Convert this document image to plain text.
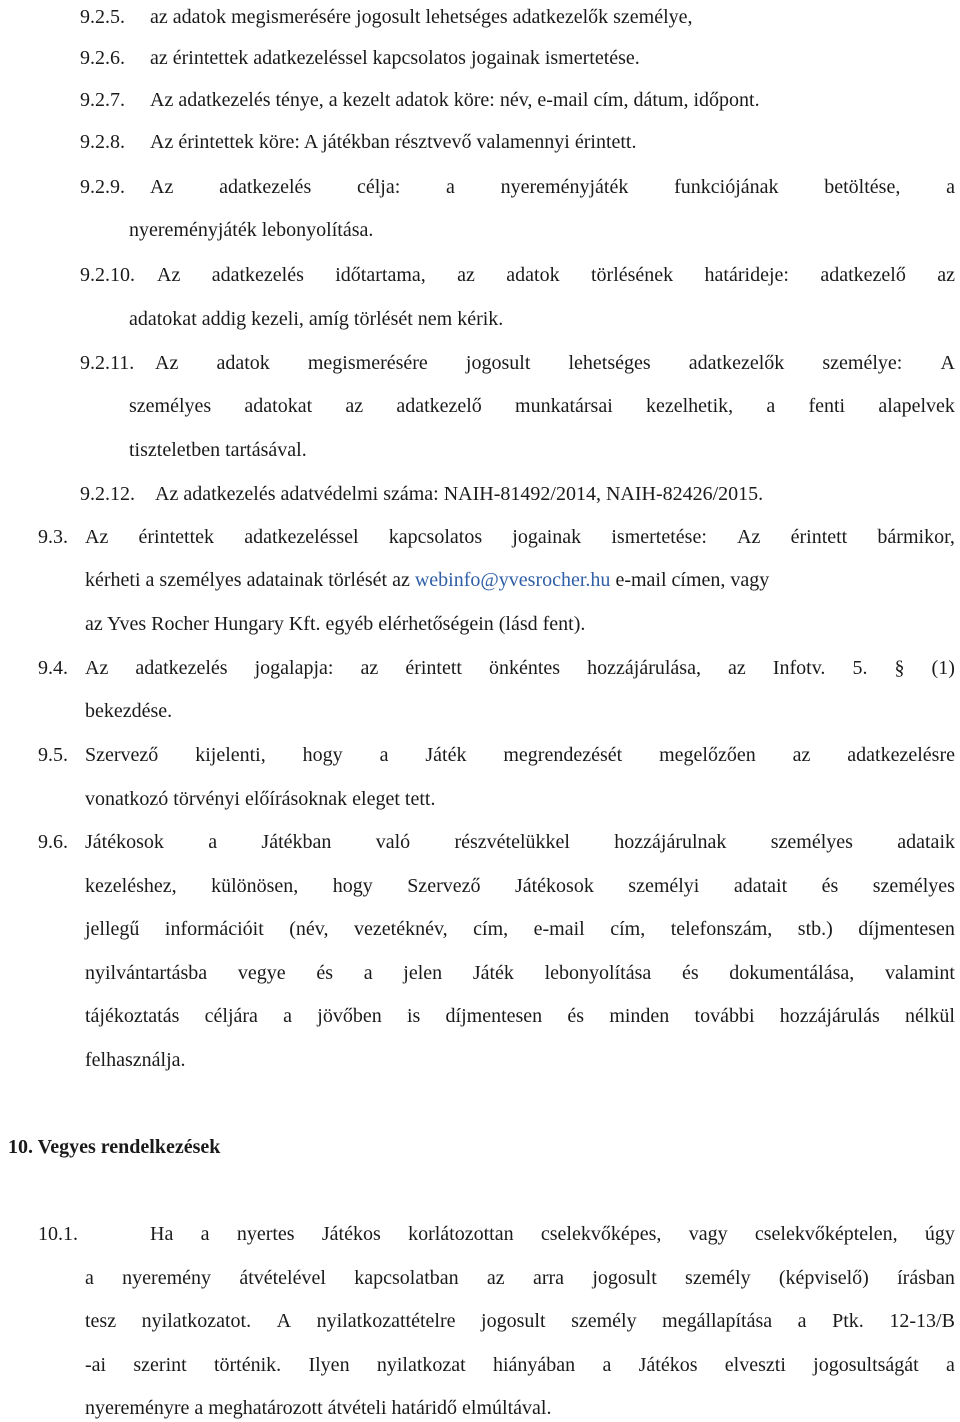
9.2.5. az adatok megismerésére jogosult lehetséges adatkezelők személye,
9.2.6. az érintettek adatkezeléssel kapcsolatos jogainak ismertetése.
9.2.7. Az adatkezelés ténye, a kezelt adatok köre: név, e-mail cím, dátum, időpont.
9.2.8. Az érintettek köre: A játékban résztvevő valamennyi érintett.
9.2.9. Az adatkezelés célja: a nyereményjáték funkciójának betöltése, a
nyereményjáték lebonyolítása.
9.2.10. Az adatkezelés időtartama, az adatok törlésének határideje: adatkezelő az
adatokat addig kezeli, amíg törlését nem kérik.
9.2.11. Az adatok megismerésére jogosult lehetséges adatkezelők személye: A
személyes adatokat az adatkezelő munkatársai kezelhetik, a fenti alapelvek
tiszteletben tartásával.
9.2.12. Az adatkezelés adatvédelmi száma: NAIH-81492/2014, NAIH-82426/2015.
9.3. Az érintettek adatkezeléssel kapcsolatos jogainak ismertetése: Az érintett bármikor,
kérheti a személyes adatainak törlését az webinfo@yvesrocher.hu e-mail címen, vagy
az Yves Rocher Hungary Kft. egyéb elérhetőségein (lásd fent).
9.4. Az adatkezelés jogalapja: az érintett önkéntes hozzájárulása, az Infotv. 5. § (1)
bekezdése.
9.5. Szervező kijelenti, hogy a Játék megrendezését megelőzően az adatkezelésre
vonatkozó törvényi előírásoknak eleget tett.
9.6. Játékosok a Játékban való részvételükkel hozzájárulnak személyes adataik
kezeléshez, különösen, hogy Szervező Játékosok személyi adatait és személyes
jellegű információit (név, vezetéknév, cím, e-mail cím, telefonszám, stb.) díjmentesen
nyilvántartásba vegye és a jelen Játék lebonyolítása és dokumentálása, valamint
tájékoztatás céljára a jövőben is díjmentesen és minden további hozzájárulás nélkül
felhasználja.
10. Vegyes rendelkezések
10.1.	Ha a nyertes Játékos korlátozottan cselekvőképes, vagy cselekvőképtelen, úgy
a nyeremény átvételével kapcsolatban az arra jogosult személy (képviselő) írásban
tesz nyilatkozatot. A nyilatkozattételre jogosult személy megállapítása a Ptk. 12-13/B
-ai szerint történik. Ilyen nyilatkozat hiányában a Játékos elveszti jogosultságát a
nyereményre a meghatározott átvételi határidő elmúltával.
